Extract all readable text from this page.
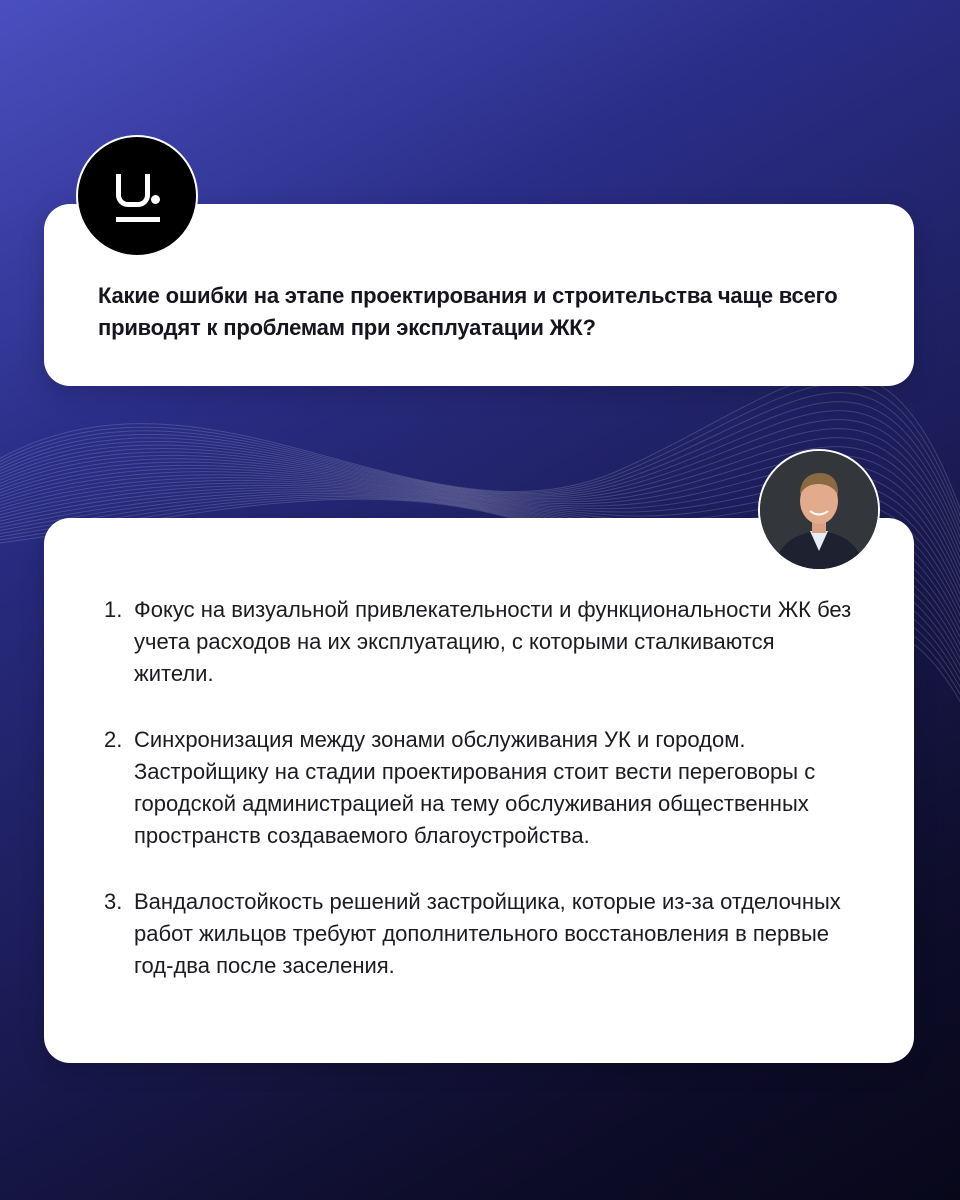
Какие ошибки на этапе проектирования и строительства чаще всего приводят к проблемам при эксплуатации ЖК?

1. Фокус на визуальной привлекательности и функциональности ЖК без учета расходов на их эксплуатацию, с которыми сталкиваются жители.
2. Синхронизация между зонами обслуживания УК и городом. Застройщику на стадии проектирования стоит вести переговоры с городской администрацией на тему обслуживания общественных пространств создаваемого благоустройства.
3. Вандалостойкость решений застройщика, которые из-за отделочных работ жильцов требуют дополнительного восстановления в первые год-два после заселения.
